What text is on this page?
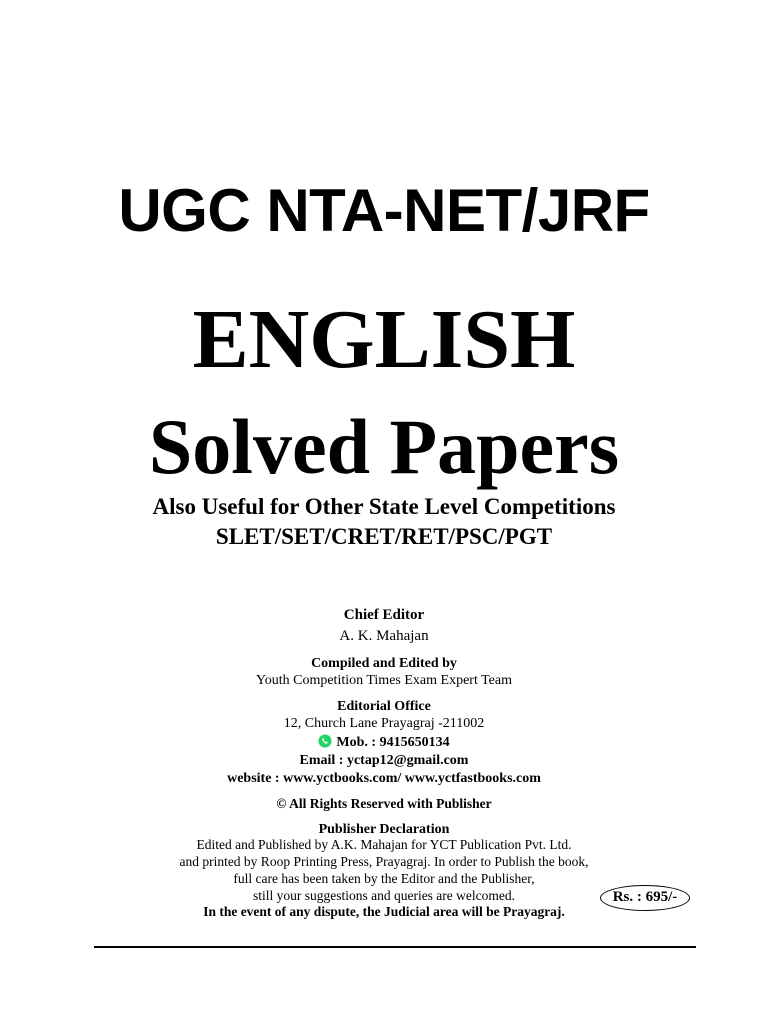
UGC NTA-NET/JRF
ENGLISH
Solved Papers
Also Useful for Other State Level Competitions
SLET/SET/CRET/RET/PSC/PGT
Chief Editor
A. K. Mahajan
Compiled and Edited by
Youth Competition Times Exam Expert Team
Editorial Office
12, Church Lane Prayagraj -211002
Mob. : 9415650134
Email : yctap12@gmail.com
website : www.yctbooks.com/ www.yctfastbooks.com
© All Rights Reserved with Publisher
Publisher Declaration
Edited and Published by A.K. Mahajan for YCT Publication Pvt. Ltd.
and printed by Roop Printing Press, Prayagraj. In order to Publish the book,
full care has been taken by the Editor and the Publisher,
still your suggestions and queries are welcomed.
In the event of any dispute, the Judicial area will be Prayagraj.
Rs. : 695/-
